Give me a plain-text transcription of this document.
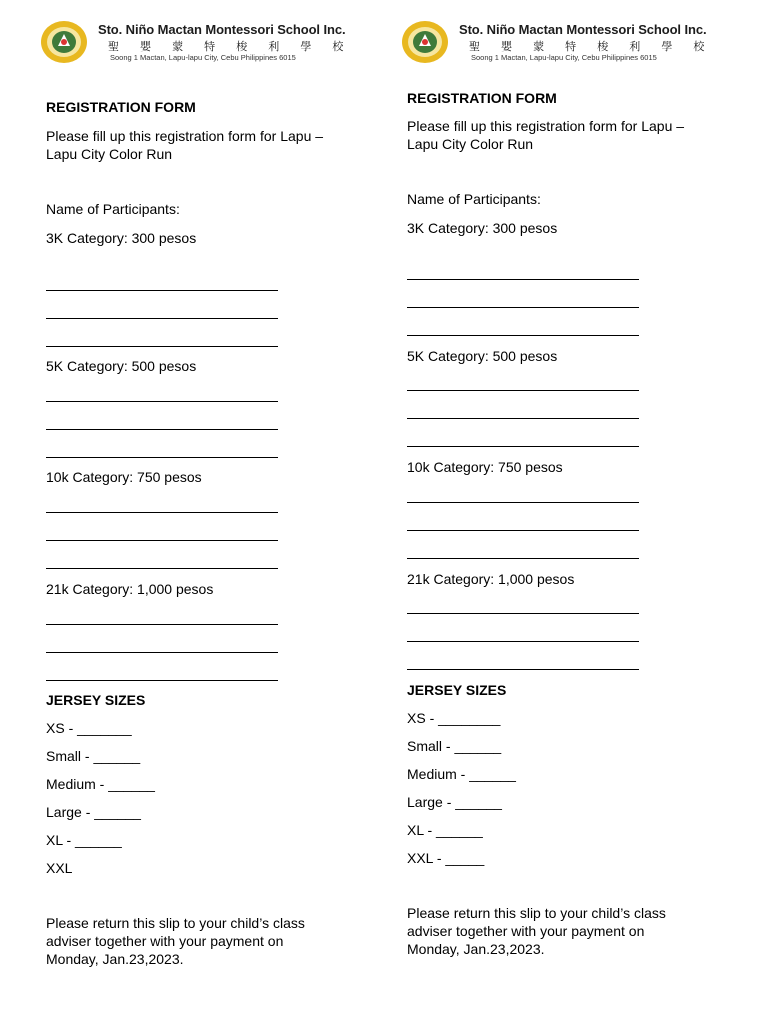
Sto. Niño Mactan Montessori School Inc.
聖 嬰 蒙 特 梭 利 學 校
Soong 1 Mactan, Lapu-lapu City, Cebu Philippines 6015
REGISTRATION FORM
Please fill up this registration form for Lapu –
Lapu City Color Run
Name of Participants:
3K Category: 300 pesos
5K Category: 500 pesos
10k Category: 750 pesos
21k Category: 1,000 pesos
JERSEY SIZES
XS - _______
Small - ______
Medium - ______
Large - ______
XL - ______
XXL
Please return this slip to your child’s class
adviser together with your payment on
Monday, Jan.23,2023.
Sto. Niño Mactan Montessori School Inc.
聖 嬰 蒙 特 梭 利 學 校
Soong 1 Mactan, Lapu-lapu City, Cebu Philippines 6015
REGISTRATION FORM
Please fill up this registration form for Lapu –
Lapu City Color Run
Name of Participants:
3K Category: 300 pesos
5K Category: 500 pesos
10k Category: 750 pesos
21k Category: 1,000 pesos
JERSEY SIZES
XS - ________
Small - ______
Medium - ______
Large - ______
XL - ______
XXL - _____
Please return this slip to your child’s class
adviser together with your payment on
Monday, Jan.23,2023.
